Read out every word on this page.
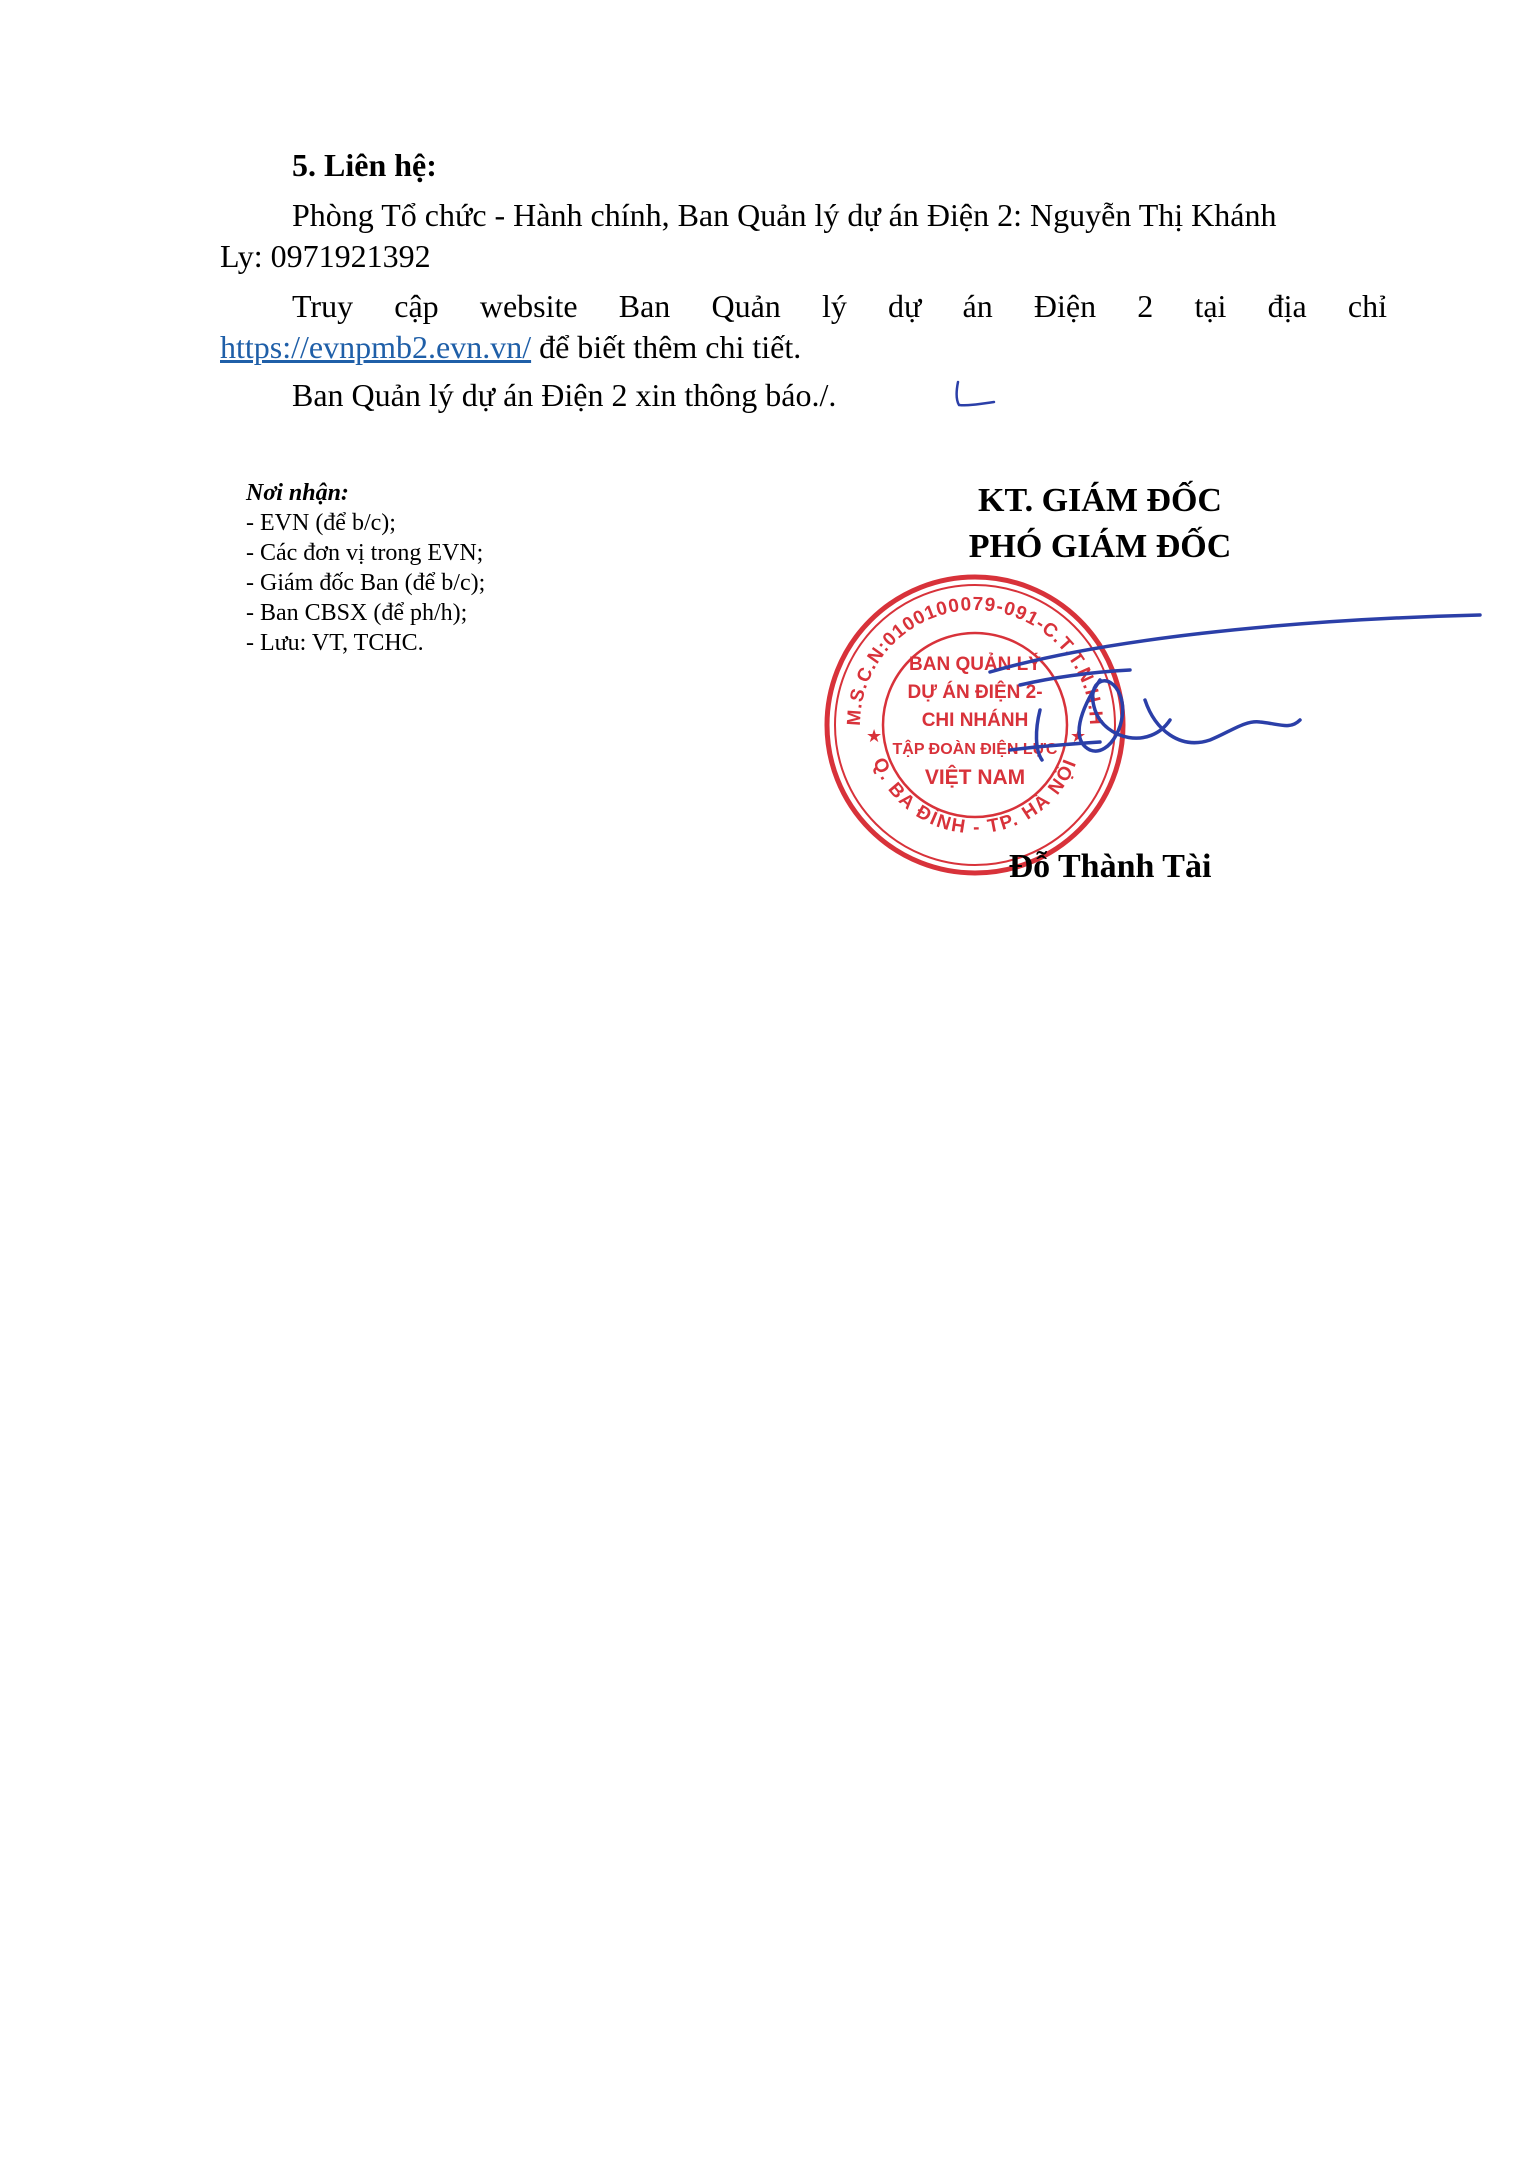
5. Liên hệ:
Phòng Tổ chức - Hành chính, Ban Quản lý dự án Điện 2: Nguyễn Thị Khánh
Ly: 0971921392
Truy cập website Ban Quản lý dự án Điện 2 tại địa chỉ
https://evnpmb2.evn.vn/ để biết thêm chi tiết.
Ban Quản lý dự án Điện 2 xin thông báo./.
Nơi nhận:
- EVN (để b/c);
- Các đơn vị trong EVN;
- Giám đốc Ban (để b/c);
- Ban CBSX (để ph/h);
- Lưu: VT, TCHC.
KT. GIÁM ĐỐC
PHÓ GIÁM ĐỐC
M.S.C.N:0100100079-091-C.T.T.N.H.H
Q. BA ĐÌNH - TP. HÀ NỘI
★	★
BAN QUẢN LÝ
DỰ ÁN ĐIỆN 2-
CHI NHÁNH
TẬP ĐOÀN ĐIỆN LỰC
VIỆT NAM
Đỗ Thành Tài
